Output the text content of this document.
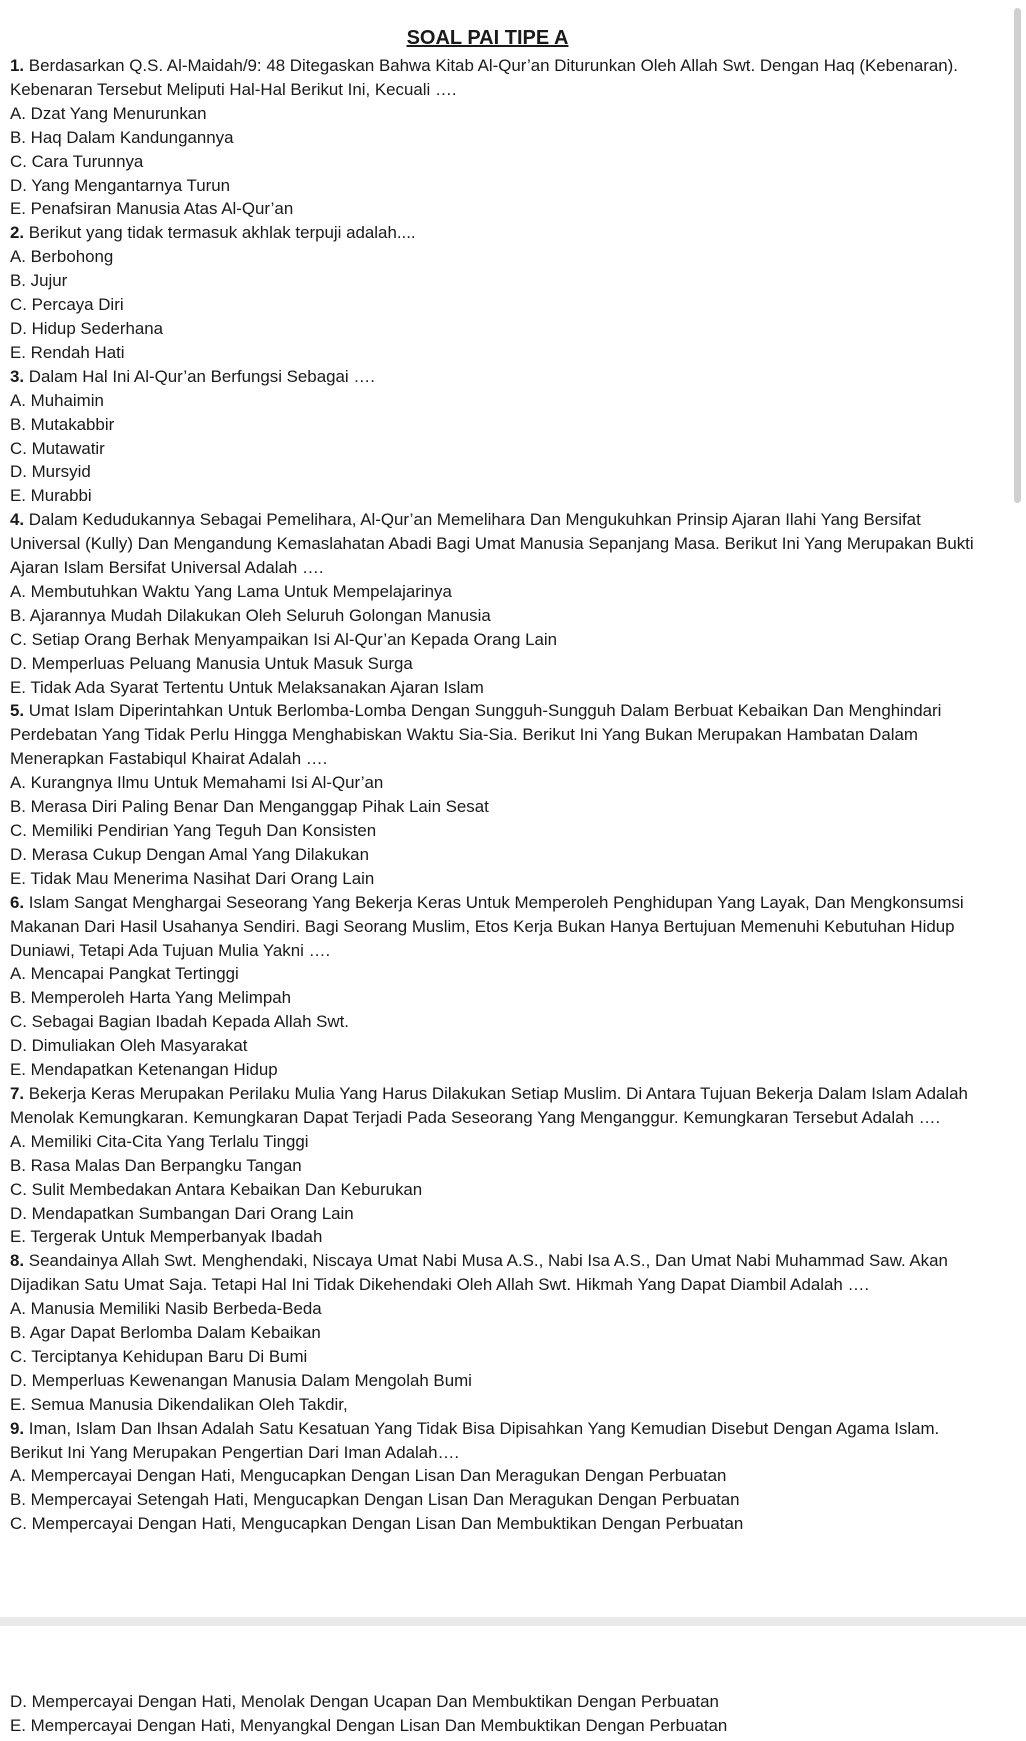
SOAL PAI TIPE A

1. Berdasarkan Q.S. Al-Maidah/9: 48 Ditegaskan Bahwa Kitab Al-Qur’an Diturunkan Oleh Allah Swt. Dengan Haq (Kebenaran). Kebenaran Tersebut Meliputi Hal-Hal Berikut Ini, Kecuali ….

A. Dzat Yang Menurunkan

B. Haq Dalam Kandungannya

C. Cara Turunnya

D. Yang Mengantarnya Turun

E. Penafsiran Manusia Atas Al-Qur’an

2. Berikut yang tidak termasuk akhlak terpuji adalah....

A. Berbohong

B. Jujur

C. Percaya Diri

D. Hidup Sederhana

E. Rendah Hati

3. Dalam Hal Ini Al-Qur’an Berfungsi Sebagai ….

A. Muhaimin

B. Mutakabbir

C. Mutawatir

D. Mursyid

E. Murabbi

4. Dalam Kedudukannya Sebagai Pemelihara, Al-Qur’an Memelihara Dan Mengukuhkan Prinsip Ajaran Ilahi Yang Bersifat Universal (Kully) Dan Mengandung Kemaslahatan Abadi Bagi Umat Manusia Sepanjang Masa. Berikut Ini Yang Merupakan Bukti Ajaran Islam Bersifat Universal Adalah ….

A. Membutuhkan Waktu Yang Lama Untuk Mempelajarinya

B. Ajarannya Mudah Dilakukan Oleh Seluruh Golongan Manusia

C. Setiap Orang Berhak Menyampaikan Isi Al-Qur’an Kepada Orang Lain

D. Memperluas Peluang Manusia Untuk Masuk Surga

E. Tidak Ada Syarat Tertentu Untuk Melaksanakan Ajaran Islam

5. Umat Islam Diperintahkan Untuk Berlomba-Lomba Dengan Sungguh-Sungguh Dalam Berbuat Kebaikan Dan Menghindari Perdebatan Yang Tidak Perlu Hingga Menghabiskan Waktu Sia-Sia. Berikut Ini Yang Bukan Merupakan Hambatan Dalam Menerapkan Fastabiqul Khairat Adalah ….

A. Kurangnya Ilmu Untuk Memahami Isi Al-Qur’an

B. Merasa Diri Paling Benar Dan Menganggap Pihak Lain Sesat

C. Memiliki Pendirian Yang Teguh Dan Konsisten

D. Merasa Cukup Dengan Amal Yang Dilakukan

E. Tidak Mau Menerima Nasihat Dari Orang Lain

6. Islam Sangat Menghargai Seseorang Yang Bekerja Keras Untuk Memperoleh Penghidupan Yang Layak, Dan Mengkonsumsi Makanan Dari Hasil Usahanya Sendiri. Bagi Seorang Muslim, Etos Kerja Bukan Hanya Bertujuan Memenuhi Kebutuhan Hidup Duniawi, Tetapi Ada Tujuan Mulia Yakni ….

A. Mencapai Pangkat Tertinggi

B. Memperoleh Harta Yang Melimpah

C. Sebagai Bagian Ibadah Kepada Allah Swt.

D. Dimuliakan Oleh Masyarakat

E. Mendapatkan Ketenangan Hidup

7. Bekerja Keras Merupakan Perilaku Mulia Yang Harus Dilakukan Setiap Muslim. Di Antara Tujuan Bekerja Dalam Islam Adalah Menolak Kemungkaran. Kemungkaran Dapat Terjadi Pada Seseorang Yang Menganggur. Kemungkaran Tersebut Adalah ….

A. Memiliki Cita-Cita Yang Terlalu Tinggi

B. Rasa Malas Dan Berpangku Tangan

C. Sulit Membedakan Antara Kebaikan Dan Keburukan

D. Mendapatkan Sumbangan Dari Orang Lain

E. Tergerak Untuk Memperbanyak Ibadah

8. Seandainya Allah Swt. Menghendaki, Niscaya Umat Nabi Musa A.S., Nabi Isa A.S., Dan Umat Nabi Muhammad Saw. Akan Dijadikan Satu Umat Saja. Tetapi Hal Ini Tidak Dikehendaki Oleh Allah Swt. Hikmah Yang Dapat Diambil Adalah ….

A. Manusia Memiliki Nasib Berbeda-Beda

B. Agar Dapat Berlomba Dalam Kebaikan

C. Terciptanya Kehidupan Baru Di Bumi

D. Memperluas Kewenangan Manusia Dalam Mengolah Bumi

E. Semua Manusia Dikendalikan Oleh Takdir,

9. Iman, Islam Dan Ihsan Adalah Satu Kesatuan Yang Tidak Bisa Dipisahkan Yang Kemudian Disebut Dengan Agama Islam. Berikut Ini Yang Merupakan Pengertian Dari Iman Adalah….

A. Mempercayai Dengan Hati, Mengucapkan Dengan Lisan Dan Meragukan Dengan Perbuatan

B. Mempercayai Setengah Hati, Mengucapkan Dengan Lisan Dan Meragukan Dengan Perbuatan

C. Mempercayai Dengan Hati, Mengucapkan Dengan Lisan Dan Membuktikan Dengan Perbuatan

D. Mempercayai Dengan Hati, Menolak Dengan Ucapan Dan Membuktikan Dengan Perbuatan

E. Mempercayai Dengan Hati, Menyangkal Dengan Lisan Dan Membuktikan Dengan Perbuatan
